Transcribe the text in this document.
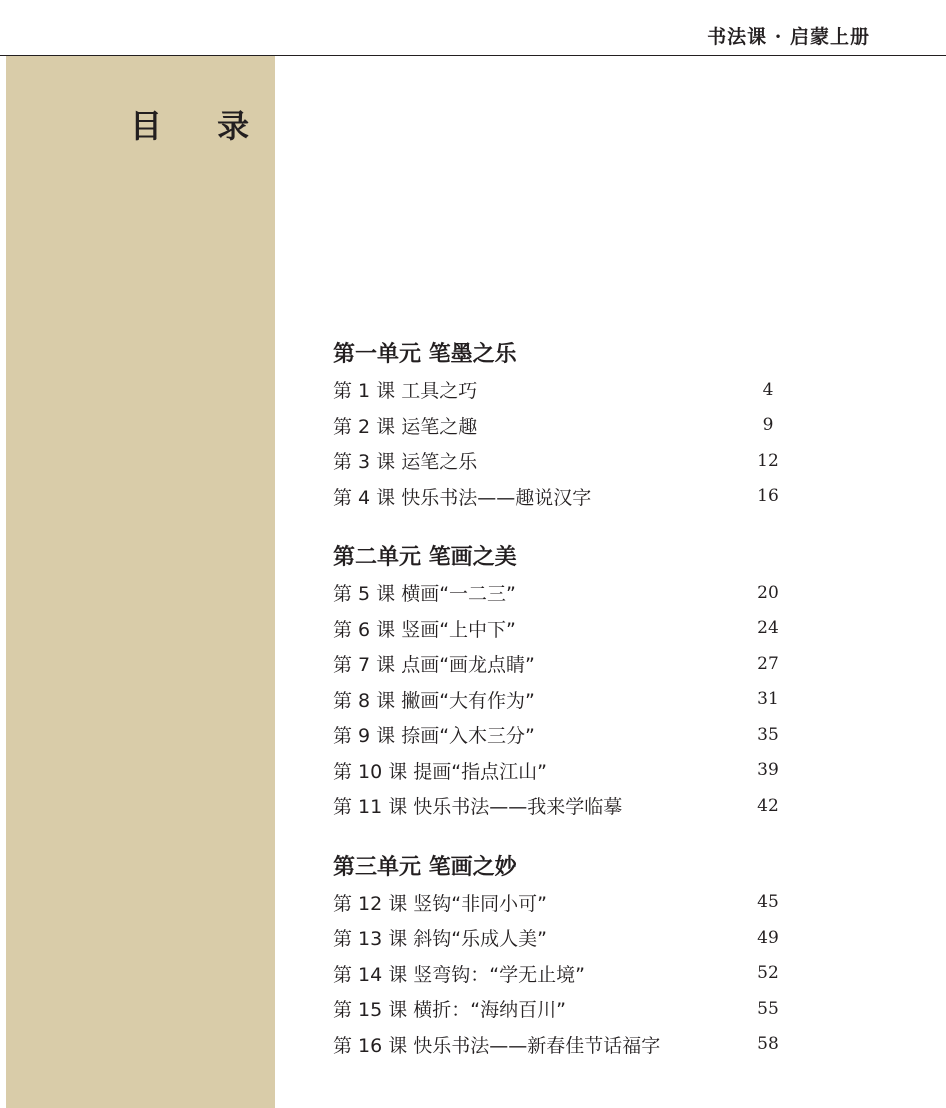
书法课 · 启蒙上册
目 录
第一单元 笔墨之乐
第 1 课 工具之巧	4
第 2 课 运笔之趣	9
第 3 课 运笔之乐	12
第 4 课 快乐书法——趣说汉字	16
第二单元 笔画之美
第 5 课 横画“一二三”	20
第 6 课 竖画“上中下”	24
第 7 课 点画“画龙点睛”	27
第 8 课 撇画“大有作为”	31
第 9 课 捺画“入木三分”	35
第 10 课 提画“指点江山”	39
第 11 课 快乐书法——我来学临摹	42
第三单元 笔画之妙
第 12 课 竖钩“非同小可”	45
第 13 课 斜钩“乐成人美”	49
第 14 课 竖弯钩：“学无止境”	52
第 15 课 横折：“海纳百川”	55
第 16 课 快乐书法——新春佳节话福字	58
